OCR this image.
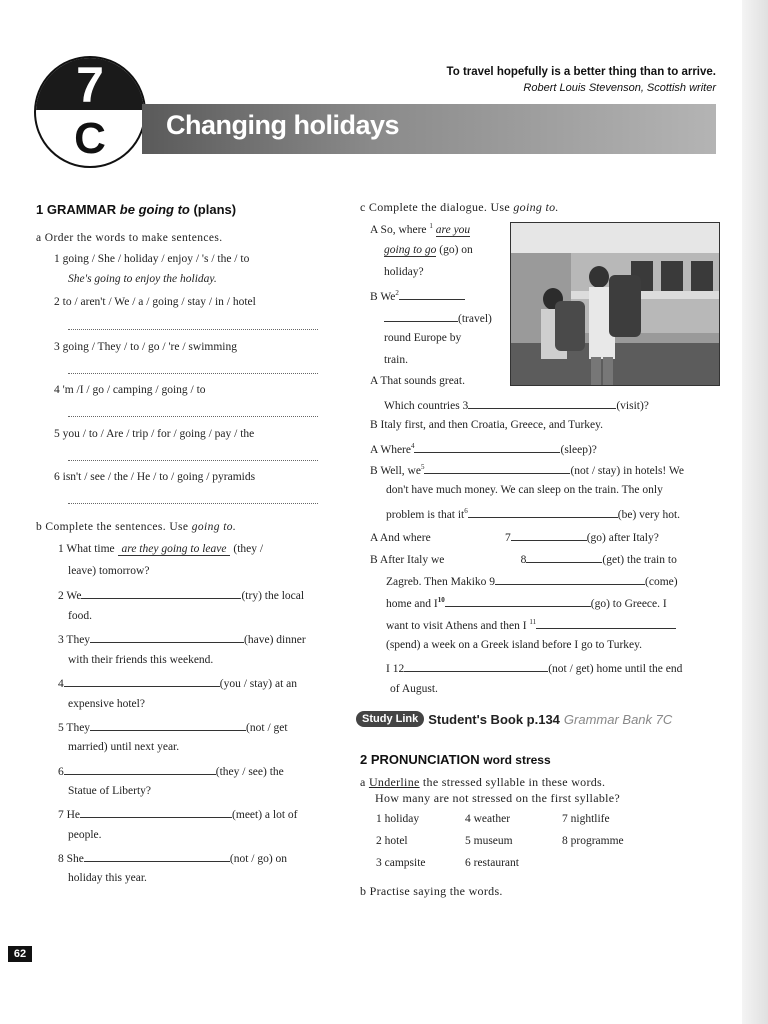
7
C	Changing holidays
To travel hopefully is a better thing than to arrive.
Robert Louis Stevenson, Scottish writer
1 GRAMMAR be going to (plans)
a Order the words to make sentences.
1 going / She / holiday / enjoy / 's / the / to
She's going to enjoy the holiday.
2 to / aren't / We / a / going / stay / in / hotel
3 going / They / to / go / 're / swimming
4 'm /I / go / camping / going / to
5 you / to / Are / trip / for / going / pay / the
6 isn't / see / the / He / to / going / pyramids
b Complete the sentences. Use going to.
1 What time are they going to leave (they /
leave) tomorrow?
2 We	(try) the local
food.
3 They	(have) dinner
with their friends this weekend.
4	(you / stay) at an
expensive hotel?
5 They	(not / get
married) until next year.
6	(they / see) the
Statue of Liberty?
7 He	(meet) a lot of
people.
8 She	(not / go) on
holiday this year.
c Complete the dialogue. Use going to.
A So, where $^1$ are you
going to go (go) on
holiday?
B We$^2$
(travel)
round Europe by
train.
A That sounds great.
Which countries 3	(visit)?
B Italy first, and then Croatia, Greece, and Turkey.
A Where$^4$	(sleep)?
B Well, $we^5$	(not / stay) in hotels! We
don't have much money. We can sleep on the train. The only
problem is that $it^6$	(be) very hot.
A And where	7	(go) after Italy?
B After Italy we	8	(get) the train to
Zagreb. Then Makiko 9	(come)
home and $I^{10}$	(go) to Greece. I
want to visit Athens and then I $^{11}$
(spend) a week on a Greek island before I go to Turkey.
I 12	(not / get) home until the end
of August.
Study Link Student's Book p.134 Grammar Bank 7C
2 PRONUNCIATION word stress
a Underline the stressed syllable in these words.
How many are not stressed on the first syllable?
1 holiday	4 weather	7 nightlife
2 hotel	5 museum	8 programme
3 campsite	6 restaurant
b Practise saying the words.
62
